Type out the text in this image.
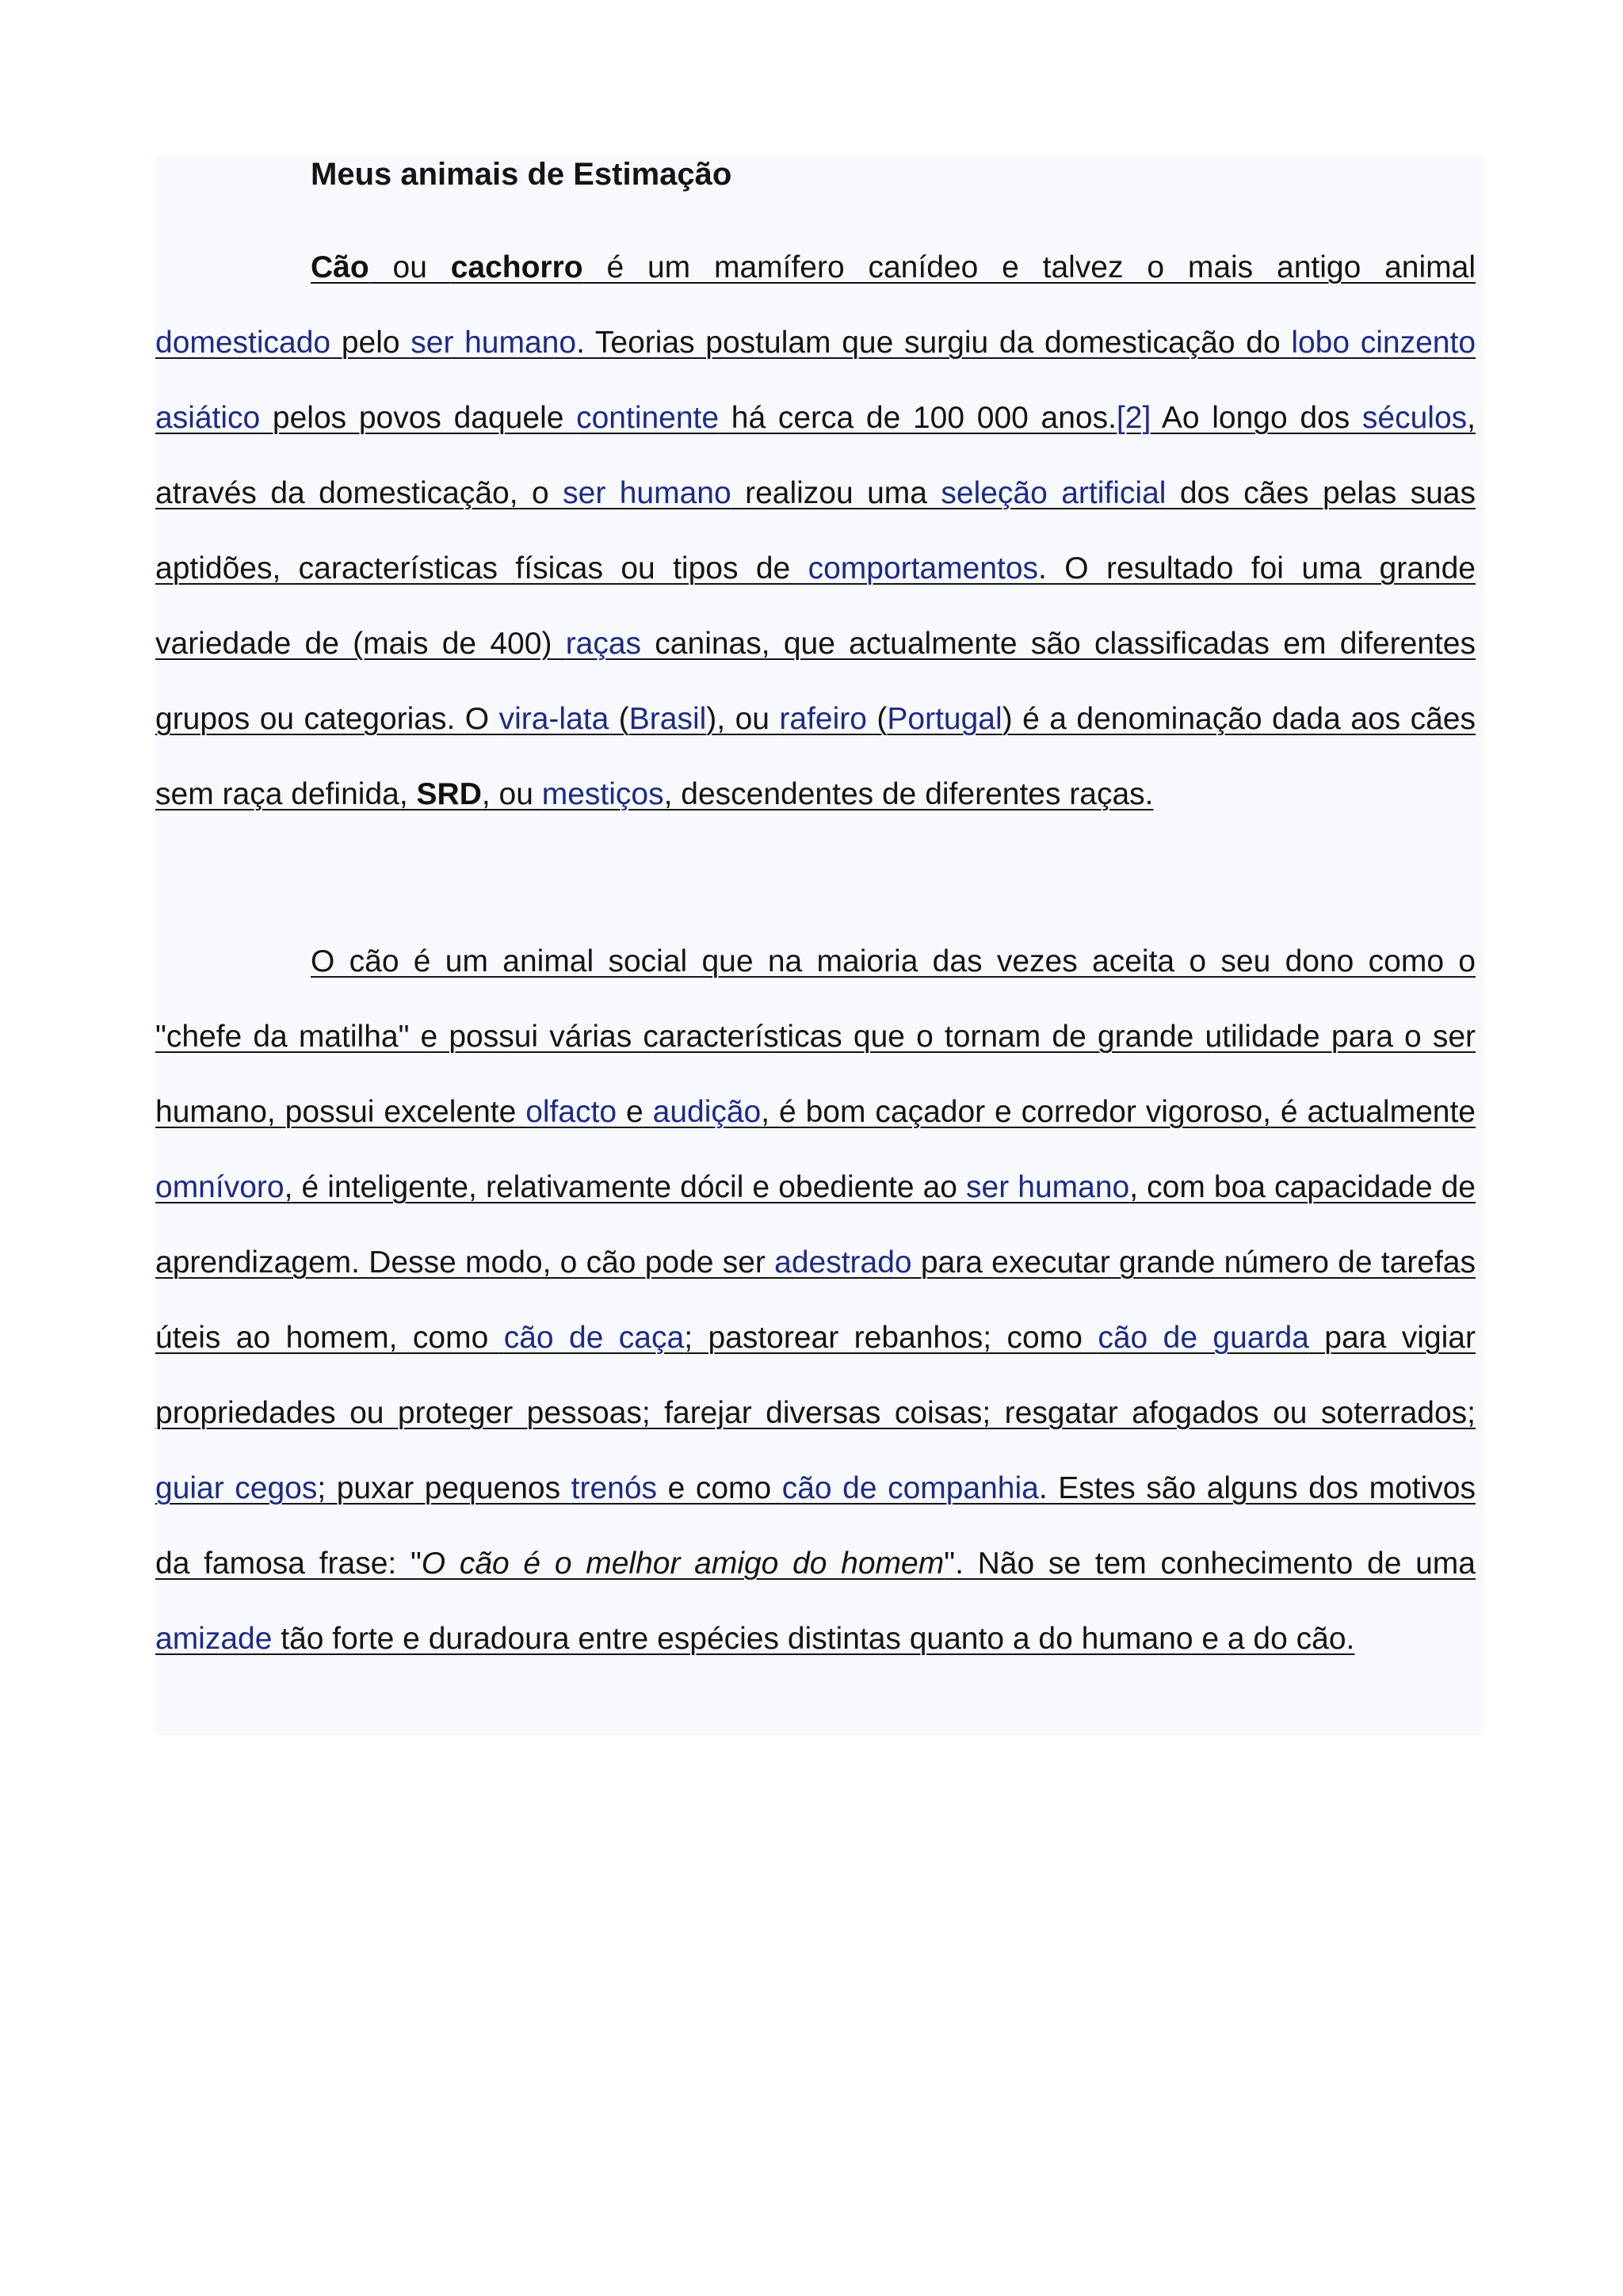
Meus animais de Estimação

Cão ou cachorro é um mamífero canídeo e talvez o mais antigo animal domesticado pelo ser humano. Teorias postulam que surgiu da domesticação do lobo cinzento asiático pelos povos daquele continente há cerca de 100 000 anos.[2] Ao longo dos séculos, através da domesticação, o ser humano realizou uma seleção artificial dos cães pelas suas aptidões, características físicas ou tipos de comportamentos. O resultado foi uma grande variedade de (mais de 400) raças caninas, que actualmente são classificadas em diferentes grupos ou categorias. O vira-lata (Brasil), ou rafeiro (Portugal) é a denominação dada aos cães sem raça definida, SRD, ou mestiços, descendentes de diferentes raças.

O cão é um animal social que na maioria das vezes aceita o seu dono como o "chefe da matilha" e possui várias características que o tornam de grande utilidade para o ser humano, possui excelente olfacto e audição, é bom caçador e corredor vigoroso, é actualmente omnívoro, é inteligente, relativamente dócil e obediente ao ser humano, com boa capacidade de aprendizagem. Desse modo, o cão pode ser adestrado para executar grande número de tarefas úteis ao homem, como cão de caça; pastorear rebanhos; como cão de guarda para vigiar propriedades ou proteger pessoas; farejar diversas coisas; resgatar afogados ou soterrados; guiar cegos; puxar pequenos trenós e como cão de companhia. Estes são alguns dos motivos da famosa frase: "O cão é o melhor amigo do homem". Não se tem conhecimento de uma amizade tão forte e duradoura entre espécies distintas quanto a do humano e a do cão.
